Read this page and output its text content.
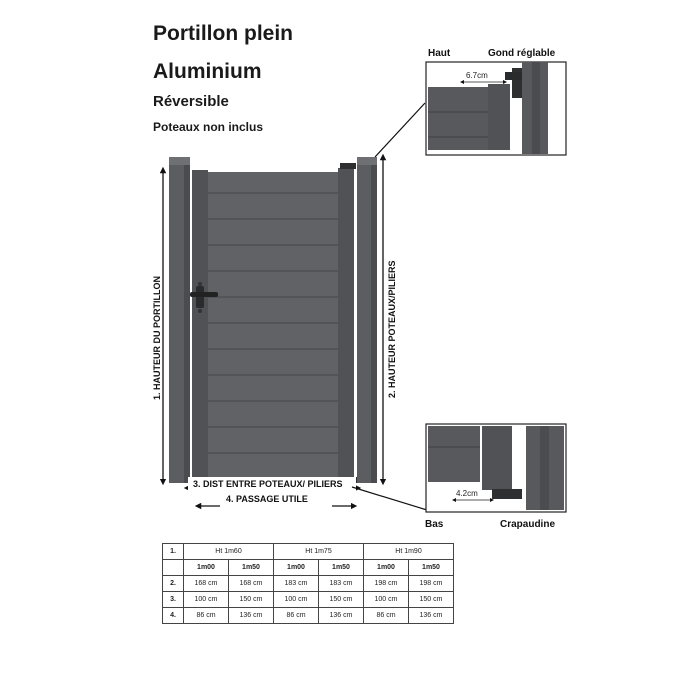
Portillon plein
Aluminium
Réversible
Poteaux non inclus
1. HAUTEUR DU PORTILLON	2. HAUTEUR POTEAUX/PILIERS
3. DIST ENTRE POTEAUX/ PILIERS
4. PASSAGE UTILE
Haut	Gond réglable
6.7cm
4.2cm
Bas	Crapaudine
1.	Ht 1m60		Ht 1m75		Ht 1m90	
	1m00	1m50	1m00	1m50	1m00	1m50
2.	168 cm	168 cm	183 cm	183 cm	198 cm	198 cm
3.	100 cm	150 cm	100 cm	150 cm	100 cm	150 cm
4.	86 cm	136 cm	86 cm	136 cm	86 cm	136 cm
